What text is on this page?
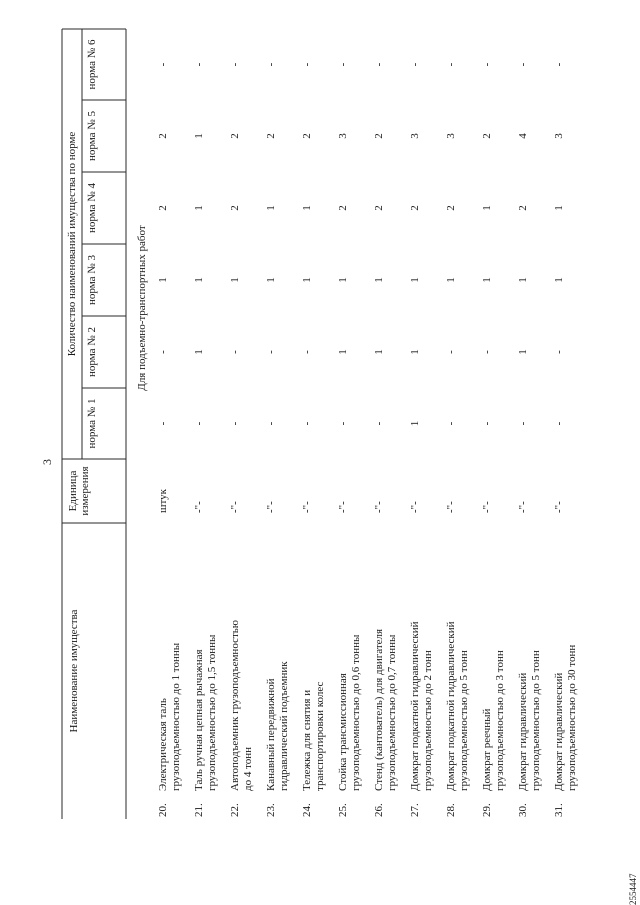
3
Наименование имущества
Единица измерения
Количество наименований имущества по норме
норма № 1
норма № 2
норма № 3
норма № 4
норма № 5
норма № 6
Для подъемно-транспортных работ
20.
Электрическая таль грузоподъемностью до 1 тонны
штук
-
-
1
2
2
-
21.
Таль ручная цепная рычажная грузоподъемностью до 1,5 тонны
-"-
-
1
1
1
1
-
22.
Автоподъемник грузоподъемностью до 4 тонн
-"-
-
-
1
2
2
-
23.
Канавный передвижной гидравлический подъемник
-"-
-
-
1
1
2
-
24.
Тележка для снятия и транспортировки колес
-"-
-
-
1
1
2
-
25.
Стойка трансмиссионная грузоподъемностью до 0,6 тонны
-"-
-
1
1
2
3
-
26.
Стенд (кантователь) для двигателя грузоподъемностью до 0,7 тонны
-"-
-
1
1
2
2
-
27.
Домкрат подкатной гидравлический грузоподъемностью до 2 тонн
-"-
1
1
1
2
3
-
28.
Домкрат подкатной гидравлический грузоподъемностью до 5 тонн
-"-
-
-
1
2
3
-
29.
Домкрат реечный грузоподъемностью до 3 тонн
-"-
-
-
1
1
2
-
30.
Домкрат гидравлический грузоподъемностью до 5 тонн
-"-
-
1
1
2
4
-
31.
Домкрат гидравлический грузоподъемностью до 30 тонн
-"-
-
-
1
1
3
-
2554447
